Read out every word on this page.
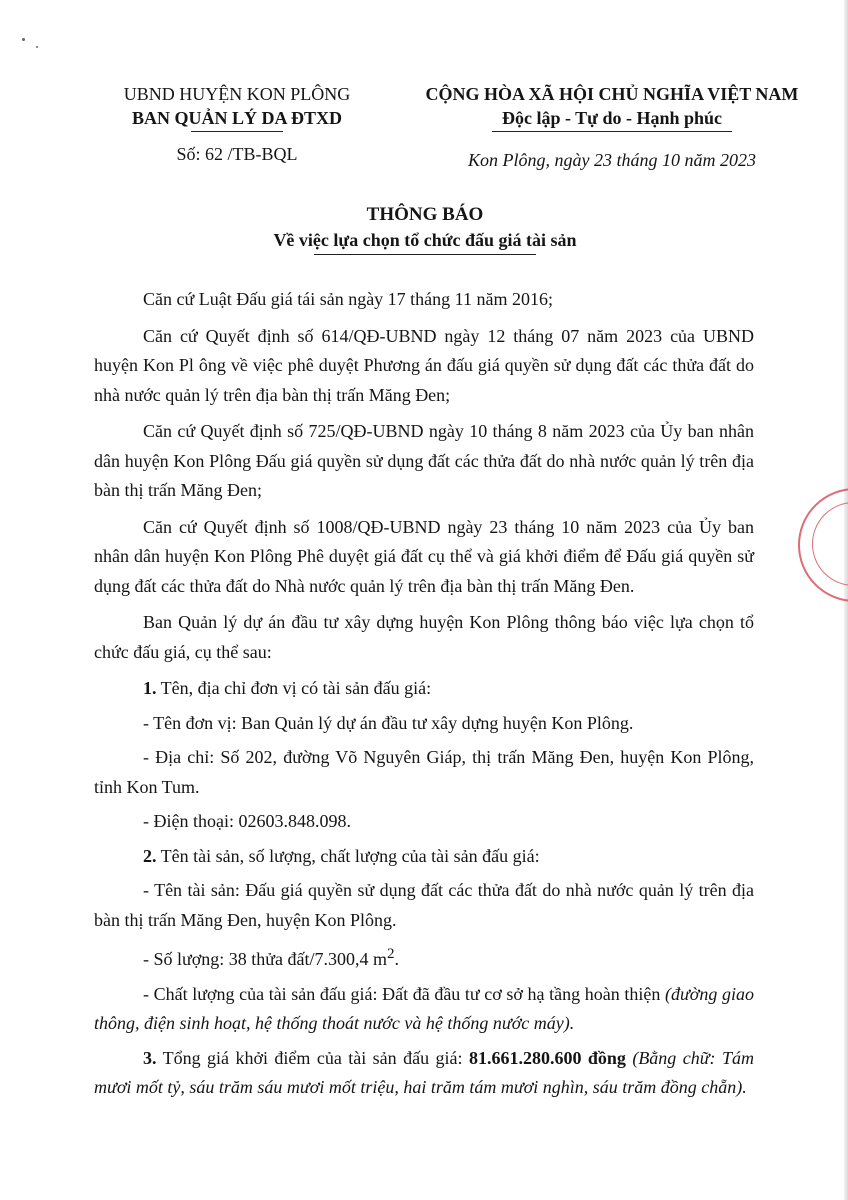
UBND HUYỆN KON PLÔNG
BAN QUẢN LÝ DA ĐTXD
Số: 62 /TB-BQL
CỘNG HÒA XÃ HỘI CHỦ NGHĨA VIỆT NAM
Độc lập - Tự do - Hạnh phúc
Kon Plông, ngày 23 tháng 10 năm 2023
THÔNG BÁO
Về việc lựa chọn tổ chức đấu giá tài sản

Căn cứ Luật Đấu giá tái sản ngày 17 tháng 11 năm 2016;

Căn cứ Quyết định số 614/QĐ-UBND ngày 12 tháng 07 năm 2023 của UBND huyện Kon Pl ông về việc phê duyệt Phương án đấu giá quyền sử dụng đất các thửa đất do nhà nước quản lý trên địa bàn thị trấn Măng Đen;

Căn cứ Quyết định số 725/QĐ-UBND ngày 10 tháng 8 năm 2023 của Ủy ban nhân dân huyện Kon Plông Đấu giá quyền sử dụng đất các thửa đất do nhà nước quản lý trên địa bàn thị trấn Măng Đen;

Căn cứ Quyết định số 1008/QĐ-UBND ngày 23 tháng 10 năm 2023 của Ủy ban nhân dân huyện Kon Plông Phê duyệt giá đất cụ thể và giá khởi điểm để Đấu giá quyền sử dụng đất các thửa đất do Nhà nước quản lý trên địa bàn thị trấn Măng Đen.

Ban Quản lý dự án đầu tư xây dựng huyện Kon Plông thông báo việc lựa chọn tổ chức đấu giá, cụ thể sau:

1. Tên, địa chỉ đơn vị có tài sản đấu giá:

- Tên đơn vị: Ban Quản lý dự án đầu tư xây dựng huyện Kon Plông.

- Địa chỉ: Số 202, đường Võ Nguyên Giáp, thị trấn Măng Đen, huyện Kon Plông, tỉnh Kon Tum.

- Điện thoại: 02603.848.098.

2. Tên tài sản, số lượng, chất lượng của tài sản đấu giá:

- Tên tài sản: Đấu giá quyền sử dụng đất các thửa đất do nhà nước quản lý trên địa bàn thị trấn Măng Đen, huyện Kon Plông.

- Số lượng: 38 thửa đất/7.300,4 $m^2$.

- Chất lượng của tài sản đấu giá: Đất đã đầu tư cơ sở hạ tầng hoàn thiện (đường giao thông, điện sinh hoạt, hệ thống thoát nước và hệ thống nước máy).

3. Tổng giá khởi điểm của tài sản đấu giá: 81.661.280.600 đồng (Bằng chữ: Tám mươi mốt tỷ, sáu trăm sáu mươi mốt triệu, hai trăm tám mươi nghìn, sáu trăm đồng chẵn).
